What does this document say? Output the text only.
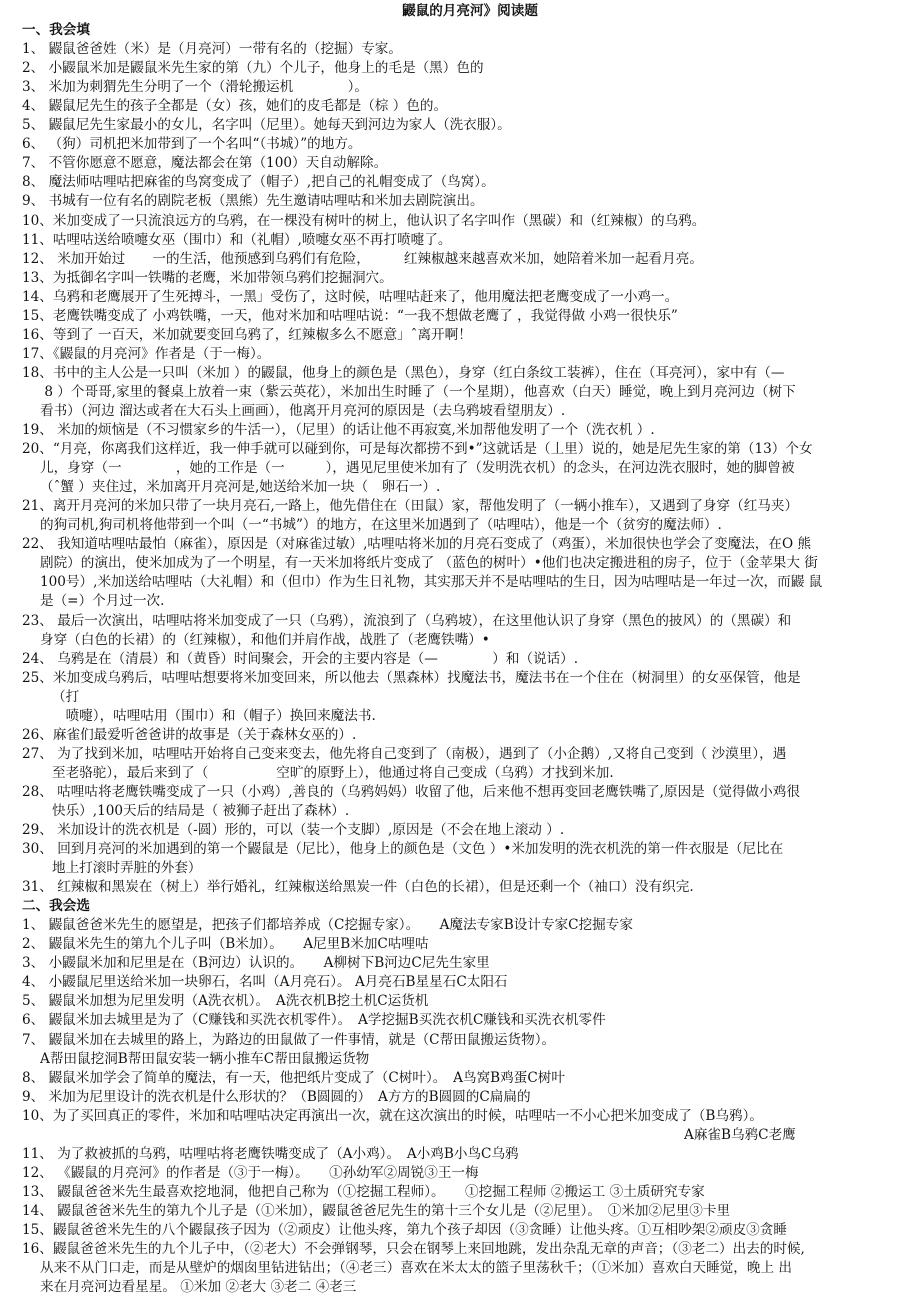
鼹鼠的月亮河》阅读题
一、我会填
1、 鼹鼠爸爸姓（米）是（月亮河）一带有名的（挖掘）专家。
2、 小鼹鼠米加是鼹鼠米先生家的第（九）个儿子，他身上的毛是（黑）色的
3、 米加为刺猬先生分明了一个（滑轮搬运机　　　　）。
4、 鼹鼠尼先生的孩子全都是（女）孩，她们的皮毛都是（棕 ）色的。
5、 鼹鼠尼先生家最小的女儿，名字叫（尼里）。她每天到河边为家人（洗衣服）。
6、 （狗）司机把米加带到了一个名叫“（书城）”的地方。
7、 不管你愿意不愿意，魔法都会在第（100）天自动解除。
8、 魔法师咕哩咕把麻雀的鸟窝变成了（帽子）,把自己的礼帽变成了（鸟窝）。
9、 书城有一位有名的剧院老板（黑熊）先生邀请咕哩咕和米加去剧院演出。
10、米加变成了一只流浪远方的乌鸦，在一棵没有树叶的树上，他认识了名字叫作（黑碳）和（红辣椒）的乌鸦。
11、咕哩咕送给喷嚏女巫（围巾）和（礼帽）,喷嚏女巫不再打喷嚏了。
12、 米加开始过　　一的生活，他预感到乌鸦们有危险，　　　红辣椒越来越喜欢米加，她陪着米加一起看月亮。
13、为抵御名字叫一铁嘴的老鹰，米加带领乌鸦们挖掘洞穴。
14、乌鸦和老鹰展开了生死搏斗，一黑」受伤了，这时候，咕哩咕赶来了，他用魔法把老鹰变成了一小鸡一。
15、老鹰铁嘴变成了 小鸡铁嘴，一天，他对米加和咕哩咕说：“一我不想做老鹰了 ，我觉得做 小鸡一很快乐”
16、等到了 一百天，米加就要变回乌鸦了，红辣椒多么不愿意」ˆ离开啊！
17、《鼹鼠的月亮河》作者是（于一梅）。
18、书中的主人公是一只叫（米加 ）的鼹鼠，他身上的颜色是（黑色），身穿（红白条纹工装裤），住在（耳亮河），家中有（—
8 ）个哥哥,家里的餐桌上放着一束（紫云英花），米加出生时睡了（一个星期），他喜欢（白天）睡觉，晚上到月亮河边（树下
看书）（河边 溜达或者在大石头上画画），他离开月亮河的原因是（去乌鸦坡看望朋友）.
19、 米加的烦恼是（不习惯家乡的牛活一），（尼里）的话让他不再寂寞,米加帮他发明了一个（洗衣机 ）.
20、“月亮，你离我们这样近，我一伸手就可以碰到你，可是每次都捞不到•”这就话是（丄里）说的，她是尼先生家的第（13）个女
儿，身穿（一　　　　，她的工作是（一　　　），遇见尼里使米加有了（发明洗衣机）的念头，在河边洗衣服时，她的脚曾被
（ˆ蟹 ）夹住过，米加离开月亮河是,她送给米加一块（　卵石一）.
21、离开月亮河的米加只带了一块月亮石,一路上，他先借住在（田鼠）家，帮他发明了（一辆小推车），又遇到了身穿（红马夹）
的狗司机,狗司机将他带到一个叫（一“书城”）的地方，在这里米加遇到了（咕哩咕），他是一个（贫穷的魔法师）.
22、 我知道咕哩咕最怕（麻雀），原因是（对麻雀过敏）,咕哩咕将米加的月亮石变成了（鸡蛋），米加很快也学会了变魔法，在O 熊
剧院）的演出，使米加成为了一个明星，有一天米加将纸片变成了 （蓝色的树叶）•他们也决定搬进租的房子，位于（金苹果大 街
100号）,米加送给咕哩咕（大礼帽）和（但巾）作为生日礼物，其实那天并不是咕哩咕的生日，因为咕哩咕是一年过一次，而鼹 鼠
是（=）个月过一次.
23、 最后一次演出，咕哩咕将米加变成了一只（乌鸦），流浪到了（乌鸦坡），在这里他认识了身穿（黑色的披风）的（黑碳）和
身穿（白色的长裙）的（红辣椒），和他们并肩作战，战胜了（老鹰铁嘴）•
24、 乌鸦是在（清晨）和（黄昏）时间聚会，开会的主要内容是（—　　　　）和（说话）.
25、米加变成乌鸦后，咕哩咕想要将米加变回来，所以他去（黑森林）找魔法书，魔法书在一个住在（树洞里）的女巫保管，他是
（打
　喷嚏），咕哩咕用（围巾）和（帽子）换回来魔法书.
26、麻雀们最爱听爸爸讲的故事是（关于森林女巫的）.
27、 为了找到米加，咕哩咕开始将自己变来变去，他先将自己变到了（南极），遇到了（小企鹅）,又将自己变到（ 沙漠里），遇
至老骆驼），最后来到了（　　　　　空旷的原野上），他通过将自己变成（乌鸦）才找到米加.
28、 咕哩咕将老鹰铁嘴变成了一只（小鸡）,善良的（乌鸦妈妈）收留了他，后来他不想再变回老鹰铁嘴了,原因是（觉得做小鸡很
快乐）,100天后的结局是（ 被狮子赶出了森林）.
29、 米加设计的洗衣机是（-圆）形的，可以（装一个支脚）,原因是（不会在地上滚动 ）.
30、 回到月亮河的米加遇到的第一个鼹鼠是（尼比），他身上的颜色是（文色 ）•米加发明的洗衣机洗的第一件衣服是（尼比在
地上打滚时弄脏的外套）
31、 红辣椒和黑炭在（树上）举行婚礼，红辣椒送给黑炭一件（白色的长裙），但是还剩一个（袖口）没有织完.
二、我会选
1、 鼹鼠爸爸米先生的愿望是，把孩子们都培养成（C挖掘专家）。　　A魔法专家B设计专家C挖掘专家
2、 鼹鼠米先生的第九个儿子叫（B米加）。　　A尼里B米加C咕哩咕
3、 小鼹鼠米加和尼里是在（B河边）认识的。　　A柳树下B河边C尼先生家里
4、 小鼹鼠尼里送给米加一块卵石，名叫（A月亮石）。 A月亮石B星星石C太阳石
5、 鼹鼠米加想为尼里发明（A洗衣机）。　A洗衣机B挖土机C运货机
6、 鼹鼠米加去城里是为了（C赚钱和买洗衣机零件）。　A学挖掘B买洗衣机C赚钱和买洗衣机零件
7、 鼹鼠米加在去城里的路上，为路边的田鼠做了一件事情，就是（C帮田鼠搬运货物）。
A帮田鼠挖洞B帮田鼠安装一辆小推车C帮田鼠搬运货物
8、 鼹鼠米加学会了简单的魔法，有一天，他把纸片变成了（C树叶）。　A鸟窝B鸡蛋C树叶
9、 米加为尼里设计的洗衣机是什么形状的？（B圆圆的）　A方方的B圆圆的C扁扁的
10、为了买回真正的零件，米加和咕哩咕决定再演出一次，就在这次演出的时候，咕哩咕一不小心把米加变成了（B乌鸦）。
A麻雀B乌鸦C老鹰
11、 为了救被抓的乌鸦，咕哩咕将老鹰铁嘴变成了（A小鸡）。　A小鸡B小鸟C乌鸦
12、 《鼹鼠的月亮河》的作者是（③于一梅）。　　①孙幼军②周锐③王一梅
13、 鼹鼠爸爸米先生最喜欢挖地洞，他把自己称为（①挖掘工程师）。　　①挖掘工程师 ②搬运工 ③土质研究专家
14、 鼹鼠爸爸米先生的第九个儿子是（①米加），鼹鼠爸爸尼先生的第十三个女儿是（②尼里）。　①米加②尼里③卡里
15、鼹鼠爸爸米先生的八个鼹鼠孩子因为（②顽皮）让他头疼，第九个孩子却因（③贪睡）让他头疼。①互相吵架②顽皮③贪睡
16、鼹鼠爸爸米先生的九个儿子中，（②老大）不会弹钢琴，只会在钢琴上来回地跳，发出杂乱无章的声音；（③老二）出去的时候,
从来不从门口走，而是从壁炉的烟囱里钻进钻出；（④老三）喜欢在米太太的篮子里荡秋千；（①米加）喜欢白天睡觉，晚上 出
来在月亮河边看星星。 ①米加 ②老大 ③老二 ④老三
